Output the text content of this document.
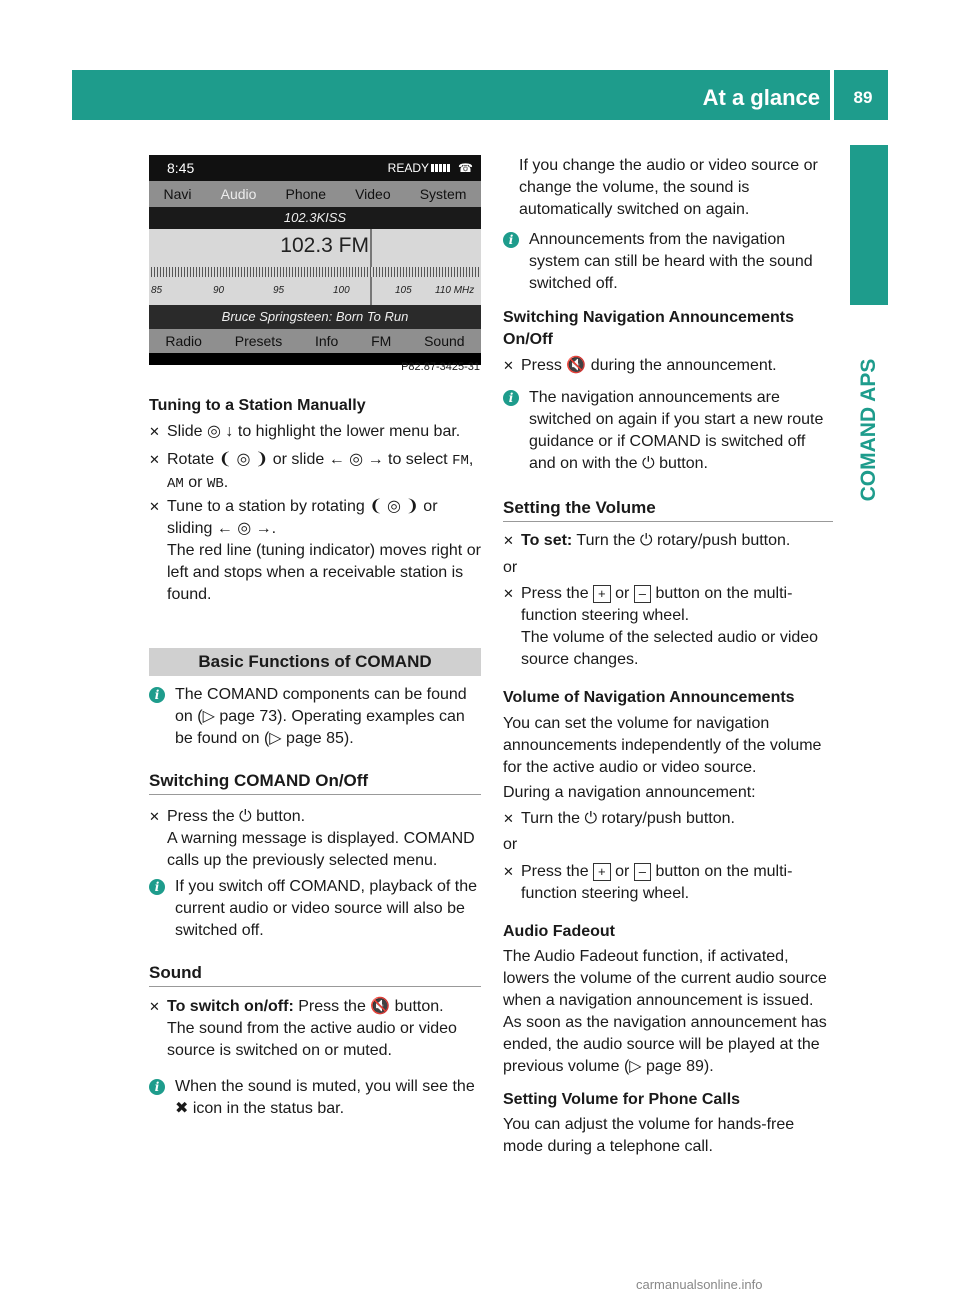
At a glance	89
COMAND APS
8:45	READY ☎
Navi Audio Phone Video System
102.3KISS
102.3 FM
85	90	95	100	105 110 MHz
Bruce Springsteen: Born To Run
Radio Presets Info FM Sound
P82.87-3425-31
Tuning to a Station Manually
✕ Slide ◎ ↓ to highlight the lower menu bar.
✕ Rotate ❨ ◎ ❩ or slide ← ◎ → to select FM, AM or WB.
✕ Tune to a station by rotating ❨ ◎ ❩ or sliding ← ◎ →.
The red line (tuning indicator) moves right or left and stops when a receivable station is found.
Basic Functions of COMAND
i The COMAND components can be found on (▷ page 73). Operating examples can be found on (▷ page 85).
Switching COMAND On/Off
✕ Press the ⏻ button.
A warning message is displayed. COMAND calls up the previously selected menu.
i If you switch off COMAND, playback of the current audio or video source will also be switched off.
Sound
✕ To switch on/off: Press the 🔇 button.
The sound from the active audio or video source is switched on or muted.
i When the sound is muted, you will see the ✖ icon in the status bar.
If you change the audio or video source or change the volume, the sound is automatically switched on again.
i Announcements from the navigation system can still be heard with the sound switched off.
Switching Navigation Announcements On/Off
✕ Press 🔇 during the announcement.
i The navigation announcements are switched on again if you start a new route guidance or if COMAND is switched off and on with the ⏻ button.
Setting the Volume
✕ To set: Turn the ⏻ rotary/push button.
or
✕ Press the + or – button on the multi-function steering wheel.
The volume of the selected audio or video source changes.
Volume of Navigation Announcements
You can set the volume for navigation announcements independently of the volume for the active audio or video source.
During a navigation announcement:
✕ Turn the ⏻ rotary/push button.
or
✕ Press the + or – button on the multi-function steering wheel.
Audio Fadeout
The Audio Fadeout function, if activated, lowers the volume of the current audio source when a navigation announcement is issued. As soon as the navigation announcement has ended, the audio source will be played at the previous volume (▷ page 89).
Setting Volume for Phone Calls
You can adjust the volume for hands-free mode during a telephone call.
carmanualsonline.info
